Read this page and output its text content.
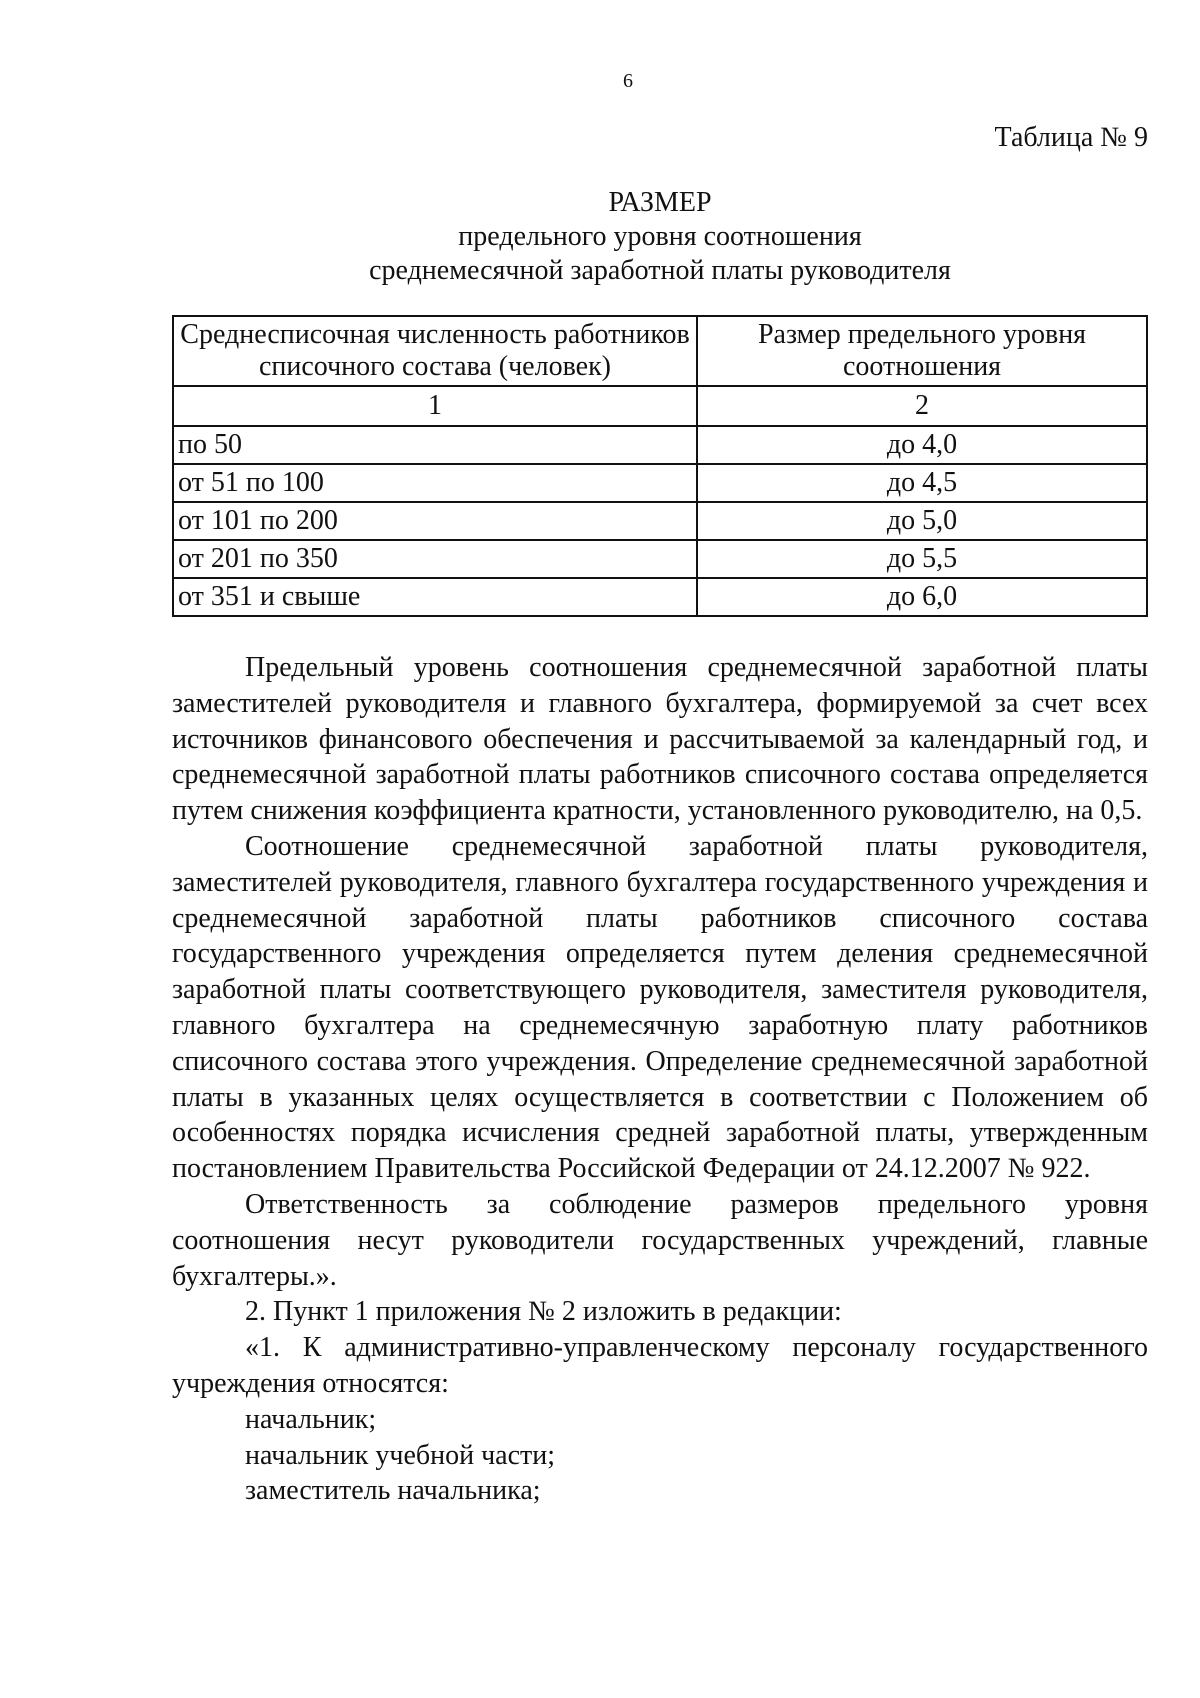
6
Таблица № 9
РАЗМЕР
предельного уровня соотношения
среднемесячной заработной платы руководителя
Среднесписочная численность работников списочного состава (человек)	Размер предельного уровня соотношения
1	2
по 50	до 4,0
от 51 по 100	до 4,5
от 101 по 200	до 5,0
от 201 по 350	до 5,5
от 351 и свыше	до 6,0

Предельный уровень соотношения среднемесячной заработной платы заместителей руководителя и главного бухгалтера, формируемой за счет всех источников финансового обеспечения и рассчитываемой за календарный год, и среднемесячной заработной платы работников списочного состава определяется путем снижения коэффициента кратности, установленного руководителю, на 0,5.

Соотношение среднемесячной заработной платы руководителя, заместителей руководителя, главного бухгалтера государственного учреждения и среднемесячной заработной платы работников списочного состава государственного учреждения определяется путем деления среднемесячной заработной платы соответствующего руководителя, заместителя руководителя, главного бухгалтера на среднемесячную заработную плату работников списочного состава этого учреждения. Определение среднемесячной заработной платы в указанных целях осуществляется в соответствии с Положением об особенностях порядка исчисления средней заработной платы, утвержденным постановлением Правительства Российской Федерации от 24.12.2007 № 922.

Ответственность за соблюдение размеров предельного уровня соотношения несут руководители государственных учреждений, главные бухгалтеры.».

2. Пункт 1 приложения № 2 изложить в редакции:

«1. К административно-управленческому персоналу государственного учреждения относятся:

начальник;

начальник учебной части;

заместитель начальника;
